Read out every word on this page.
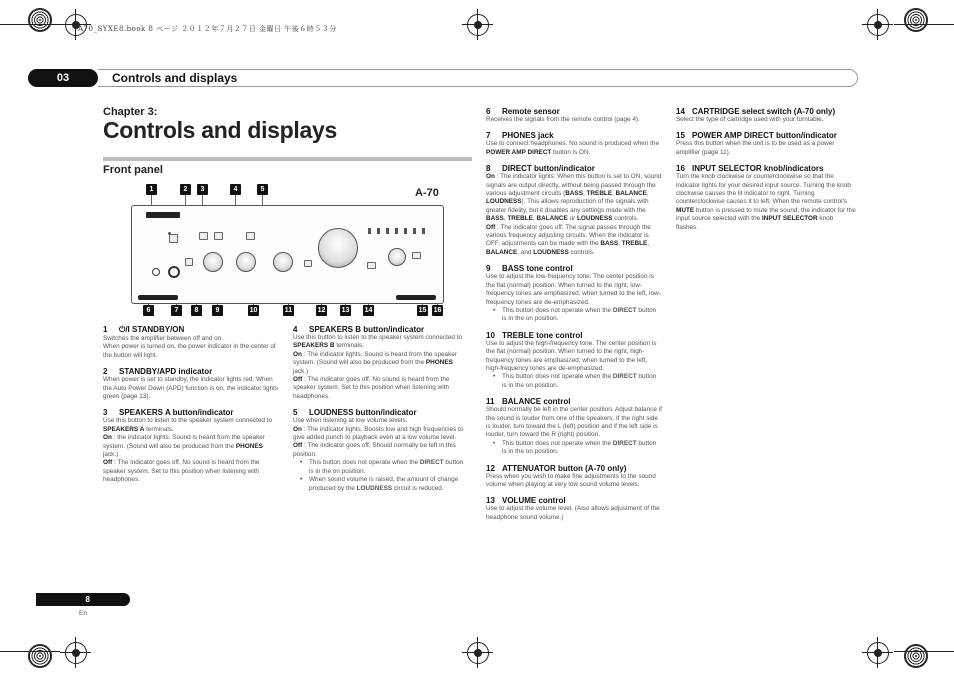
A70_SYXE8.book 8 ページ ２０１２年７月２７日 金曜日 午後６時５３分
03	Controls and displays
Chapter 3:
Controls and displays
Front panel
A-70
1	2	3	4	5
6	7	8	9	10	11	12 13 14	15 16
1 ⏻/I STANDBY/ON
Switches the amplifier between off and on.
When power is turned on, the power indicator in the center of the button will light.
2 STANDBY/APD indicator
When power is set to standby, the indicator lights red. When the Auto Power Down (APD) function is on, the indicator lights green (page 13).
3 SPEAKERS A button/indicator
Use this button to listen to the speaker system connected to SPEAKERS A terminals.
On : the indicator lights. Sound is heard from the speaker system. (Sound will also be produced from the PHONES jack.)
Off : The indicator goes off. No sound is heard from the speaker system. Set to this position when listening with headphones.
4 SPEAKERS B button/indicator
Use this button to listen to the speaker system connected to SPEAKERS B terminals.
On : The indicator lights. Sound is heard from the speaker system. (Sound will also be produced from the PHONES jack.)
Off : The indicator goes off. No sound is heard from the speaker system. Set to this position when listening with headphones.
5 LOUDNESS button/indicator
Use when listening at low volume levels.
On : The indicator lights. Boosts low and high frequencies to give added punch to playback even at a low volume level.
Off : The indicator goes off. Should normally be left in this position.
• This button does not operate when the DIRECT button is in the on position.
• When sound volume is raised, the amount of change produced by the LOUDNESS circuit is reduced.
6 Remote sensor
Receives the signals from the remote control (page 4).
7 PHONES jack
Use to connect headphones. No sound is produced when the POWER AMP DIRECT button is ON.
8 DIRECT button/indicator
On : The indicator lights: When this button is set to ON, sound signals are output directly, without being passed through the various adjustment circuits (BASS, TREBLE, BALANCE, LOUDNESS). This allows reproduction of the signals with greater fidelity, but it disables any settings made with the BASS, TREBLE, BALANCE or LOUDNESS controls.
Off : The indicator goes off: The signal passes through the various frequency adjusting circuits. When the indicator is OFF, adjustments can be made with the BASS, TREBLE, BALANCE, and LOUDNESS controls.
9 BASS tone control
Use to adjust the low-frequency tone. The center position is the flat (normal) position. When turned to the right, low-frequency tones are emphasized; when turned to the left, low-frequency tones are de-emphasized.
• This button does not operate when the DIRECT button is in the on position.
10 TREBLE tone control
Use to adjust the high-frequency tone. The center position is the flat (normal) position. When turned to the right, high-frequency tones are emphasized; when turned to the left, high-frequency tones are de-emphasized.
• This button does not operate when the DIRECT button is in the on position.
11 BALANCE control
Should normally be left in the center position. Adjust balance if the sound is louder from one of the speakers. If the right side is louder, turn toward the L (left) position and if the left side is louder, turn toward the R (right) position.
• This button does not operate when the DIRECT button is in the on position.
12 ATTENUATOR button (A-70 only)
Press when you wish to make fine adjustments to the sound volume when playing at very low sound volume levels.
13 VOLUME control
Use to adjust the volume level. (Also allows adjustment of the headphone sound volume.)
14 CARTRIDGE select switch (A-70 only)
Select the type of cartridge used with your turntable.
15 POWER AMP DIRECT button/indicator
Press this button when the unit is to be used as a power amplifier (page 11).
16 INPUT SELECTOR knob/indicators
Turn the knob clockwise or counterclockwise so that the indicator lights for your desired input source. Turning the knob clockwise causes the lit indicator to right. Turning counterclockwise causes it to left. When the remote control's MUTE button is pressed to mute the sound, the indicator for the input source selected with the INPUT SELECTOR knob flashes.
8
En
